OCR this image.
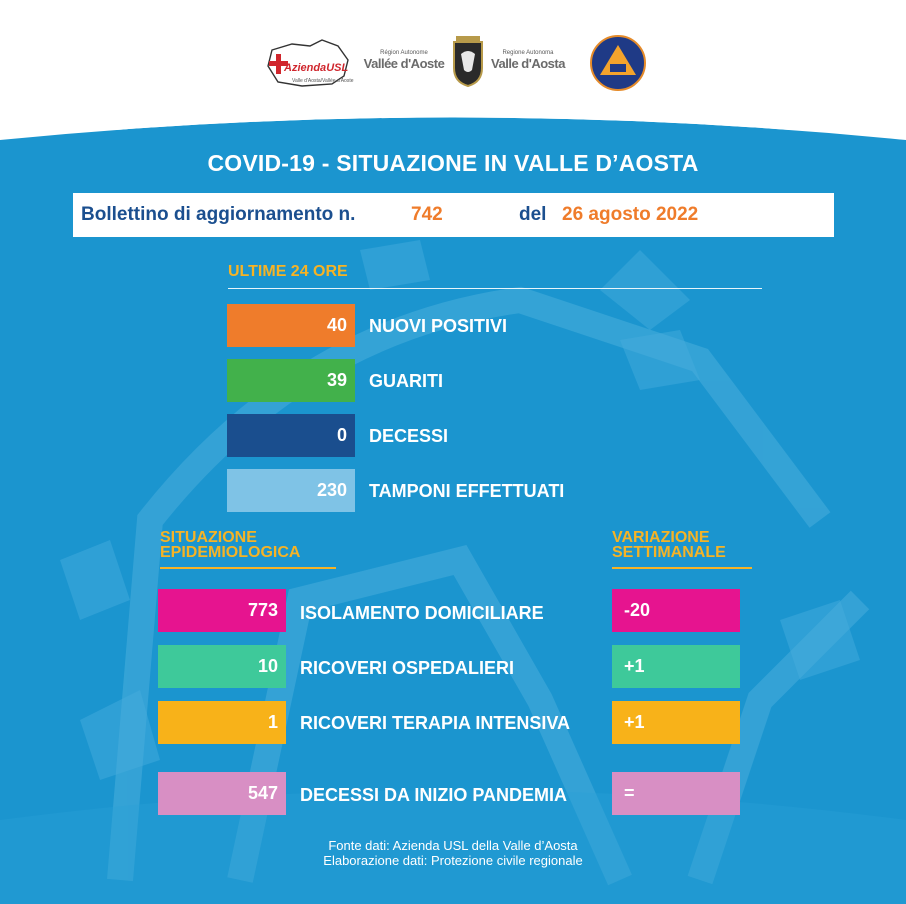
AziendaUSL
Valle d'Aosta/Vallée d'Aoste
Région Autonome
Vallée d'Aoste
Regione Autonoma
Valle d'Aosta
COVID-19 - SITUAZIONE IN VALLE D’AOSTA
Bollettino di aggiornamento n.	742	del 26 agosto 2022
ULTIME 24 ORE
40	NUOVI POSITIVI
39	GUARITI
0	DECESSI
230	TAMPONI EFFETTUATI
SITUAZIONE
EPIDEMIOLOGICA
VARIAZIONE
SETTIMANALE
773	ISOLAMENTO DOMICILIARE	-20
10	RICOVERI OSPEDALIERI	+1
1	RICOVERI TERAPIA INTENSIVA	+1
547	DECESSI DA INIZIO PANDEMIA	=
Fonte dati: Azienda USL della Valle d’Aosta
Elaborazione dati: Protezione civile regionale
